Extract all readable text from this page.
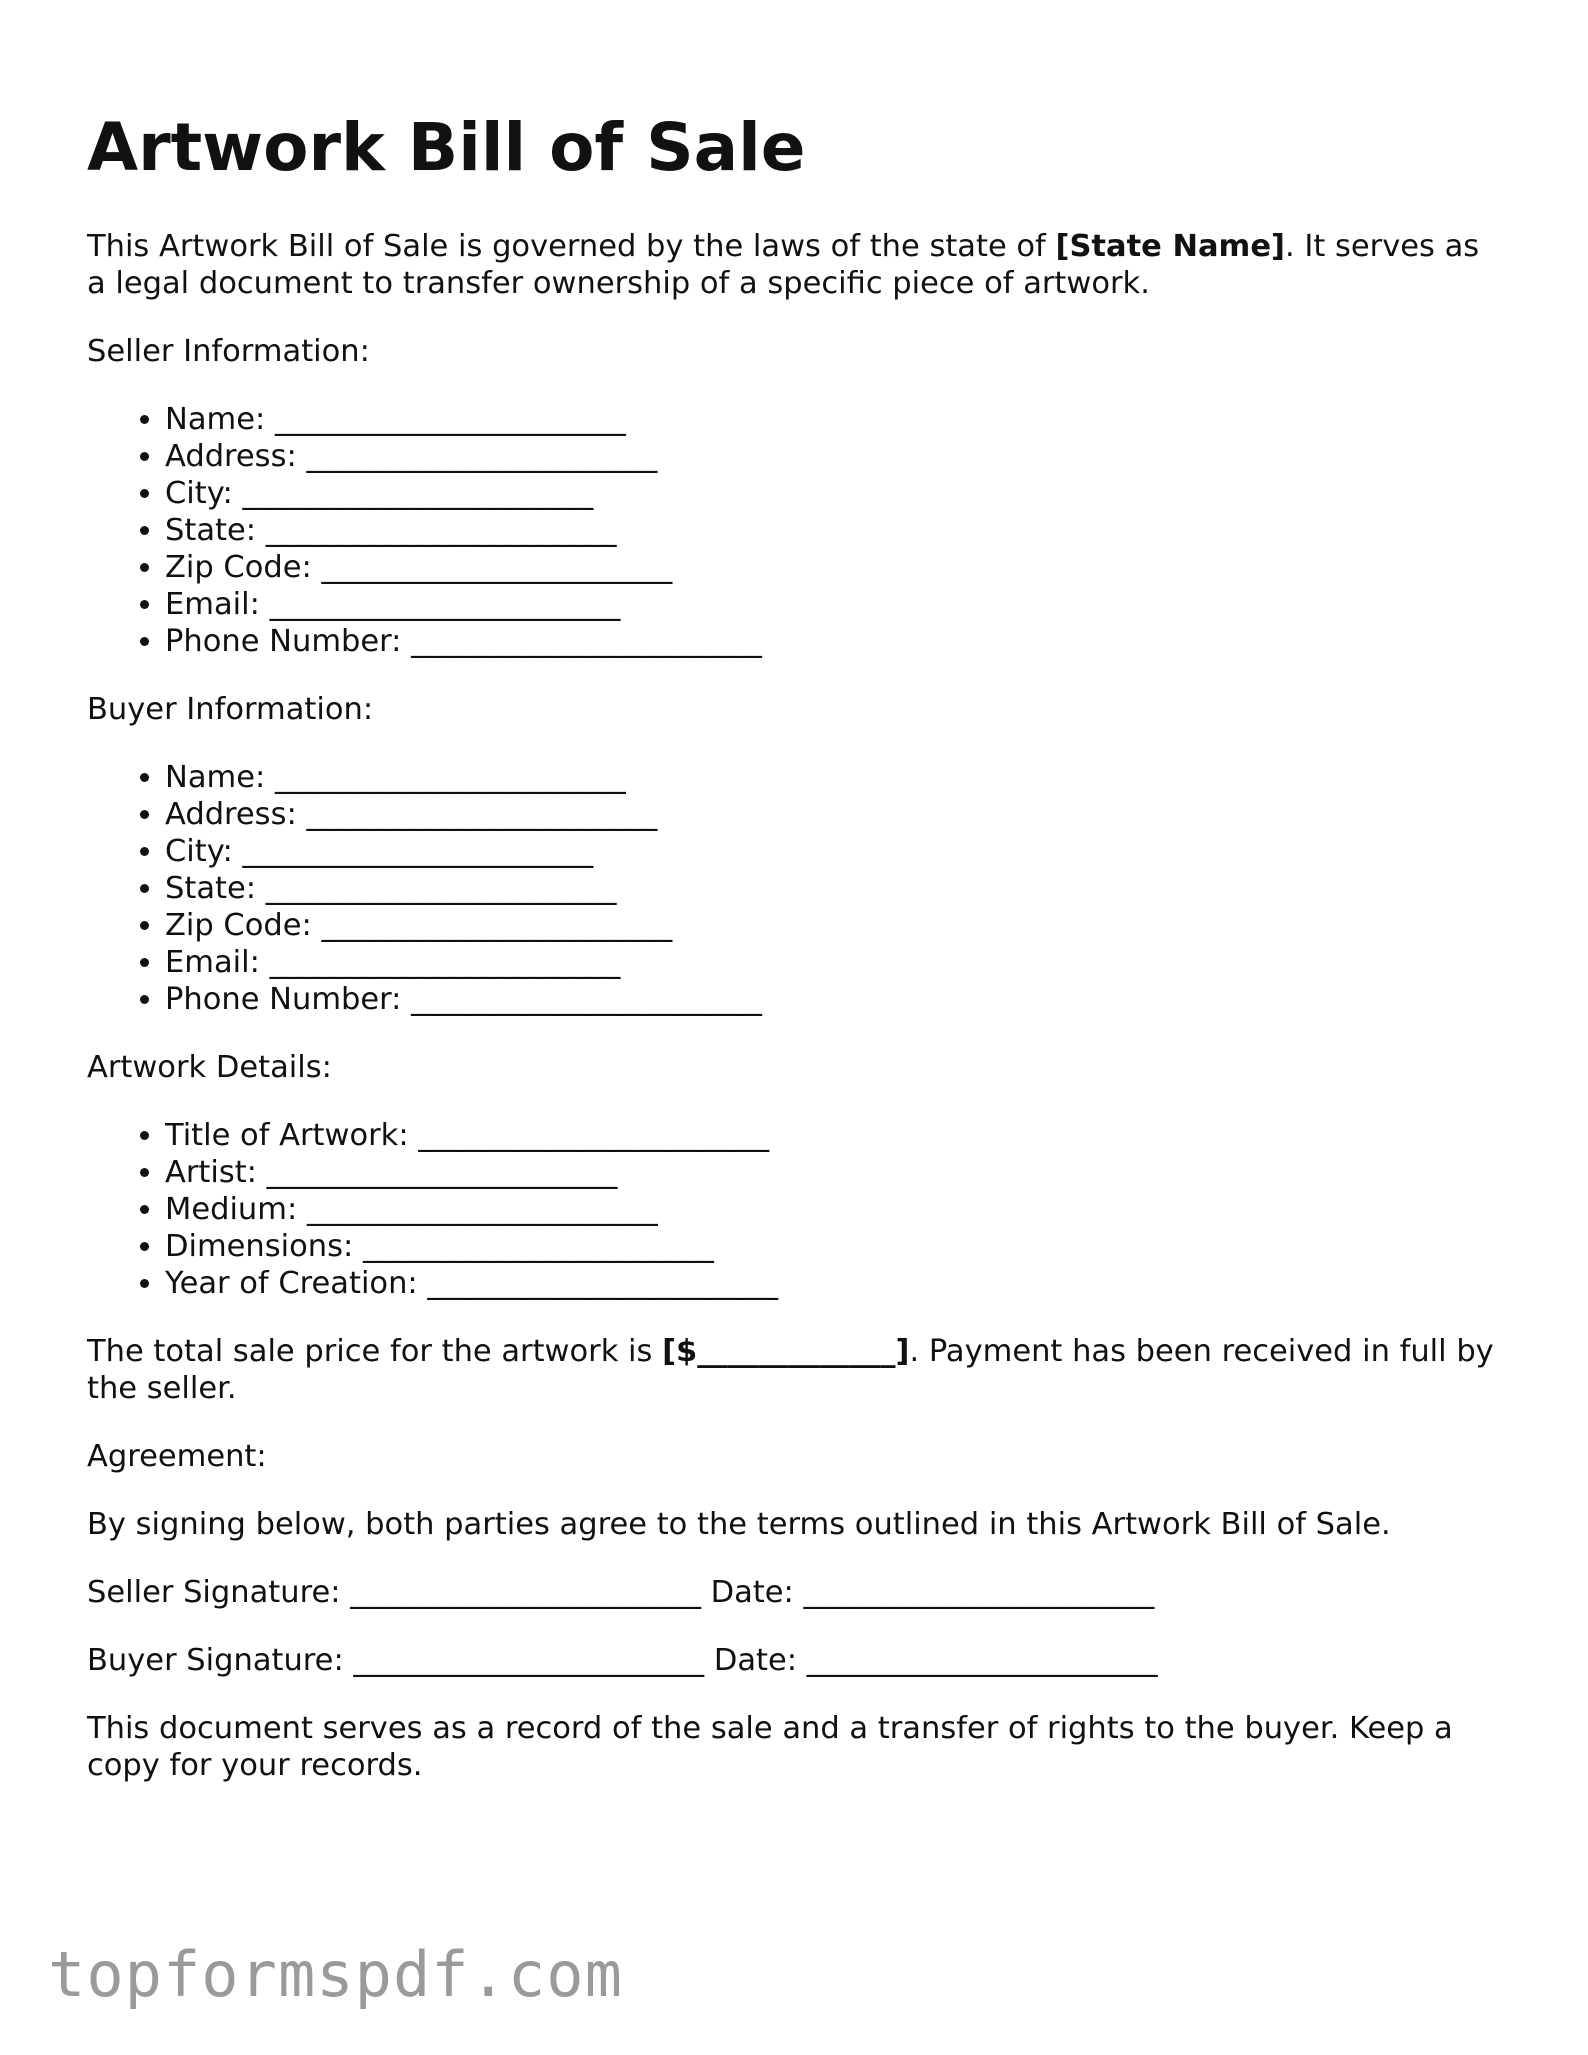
Artwork Bill of Sale

This Artwork Bill of Sale is governed by the laws of the state of [State Name]. It serves as a legal document to transfer ownership of a specific piece of artwork.

Seller Information:

• Name: _______________________
• Address: _______________________
• City: _______________________
• State: _______________________
• Zip Code: _______________________
• Email: _______________________
• Phone Number: _______________________

Buyer Information:

• Name: _______________________
• Address: _______________________
• City: _______________________
• State: _______________________
• Zip Code: _______________________
• Email: _______________________
• Phone Number: _______________________

Artwork Details:

• Title of Artwork: _______________________
• Artist: _______________________
• Medium: _______________________
• Dimensions: _______________________
• Year of Creation: _______________________

The total sale price for the artwork is [$_____________]. Payment has been received in full by the seller.

Agreement:

By signing below, both parties agree to the terms outlined in this Artwork Bill of Sale.

Seller Signature: _______________________ Date: _______________________

Buyer Signature: _______________________ Date: _______________________

This document serves as a record of the sale and a transfer of rights to the buyer. Keep a copy for your records.

topformspdf.com
